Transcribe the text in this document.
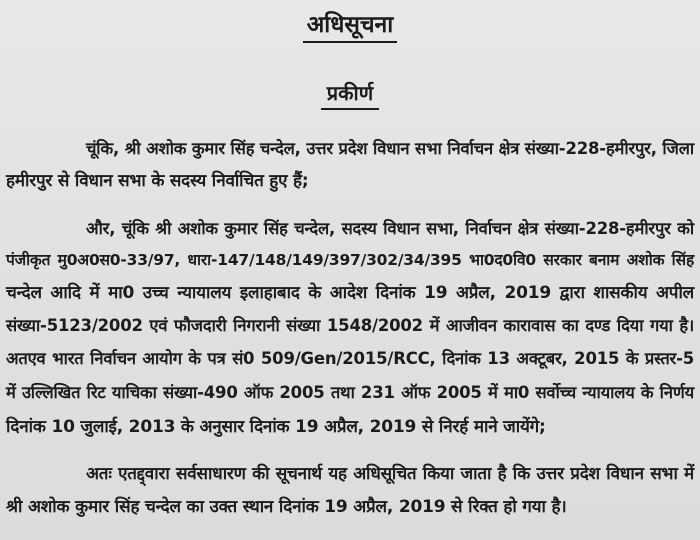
अधिसूचना
प्रकीर्ण
चूंकि, श्री अशोक कुमार सिंह चन्देल, उत्तर प्रदेश विधान सभा निर्वाचन क्षेत्र संख्या-228-हमीरपुर, जिला
हमीरपुर से विधान सभा के सदस्य निर्वाचित हुए हैं;
और, चूंकि श्री अशोक कुमार सिंह चन्देल, सदस्य विधान सभा, निर्वाचन क्षेत्र संख्या-228-हमीरपुर को
पंजीकृत मु0अ0स0-33/97, धारा-147/148/149/397/302/34/395 भा0द0वि0 सरकार बनाम अशोक सिंह
चन्देल आदि में मा0 उच्च न्यायालय इलाहाबाद के आदेश दिनांक 19 अप्रैल, 2019 द्वारा शासकीय अपील
संख्या-5123/2002 एवं फौजदारी निगरानी संख्या 1548/2002 में आजीवन कारावास का दण्ड दिया गया है।
अतएव भारत निर्वाचन आयोग के पत्र सं0 509/Gen/2015/RCC, दिनांक 13 अक्टूबर, 2015 के प्रस्तर-5
में उल्लिखित रिट याचिका संख्या-490 ऑफ 2005 तथा 231 ऑफ 2005 में मा0 सर्वोच्च न्यायालय के निर्णय
दिनांक 10 जुलाई, 2013 के अनुसार दिनांक 19 अप्रैल, 2019 से निरर्ह माने जायेंगे;
अतः एतद्द्वारा सर्वसाधारण की सूचनार्थ यह अधिसूचित किया जाता है कि उत्तर प्रदेश विधान सभा में
श्री अशोक कुमार सिंह चन्देल का उक्त स्थान दिनांक 19 अप्रैल, 2019 से रिक्त हो गया है।
